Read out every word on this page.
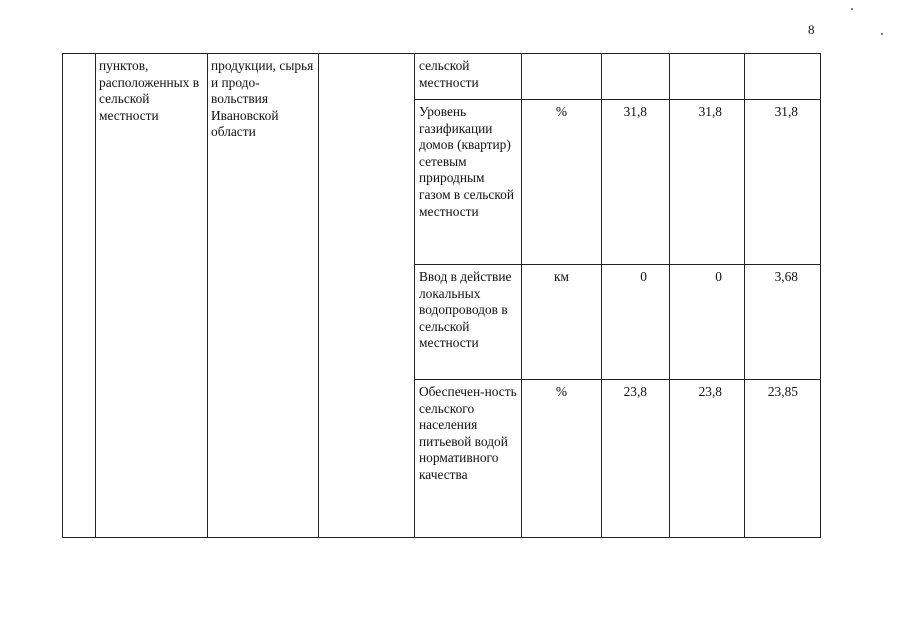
8
	пунктов, расположенных в сельской местности	продукции, сырья и продо-вольствия Ивановской области		сельской местности				
				Уровень газификации домов (квартир) сетевым природным газом в сельской местности	%	31,8	31,8	31,8
				Ввод в действие локальных водопроводов в сельской местности	км	0	0	3,68
				Обеспечен-ность сельского населения питьевой водой нормативного качества	%	23,8	23,8	23,85
